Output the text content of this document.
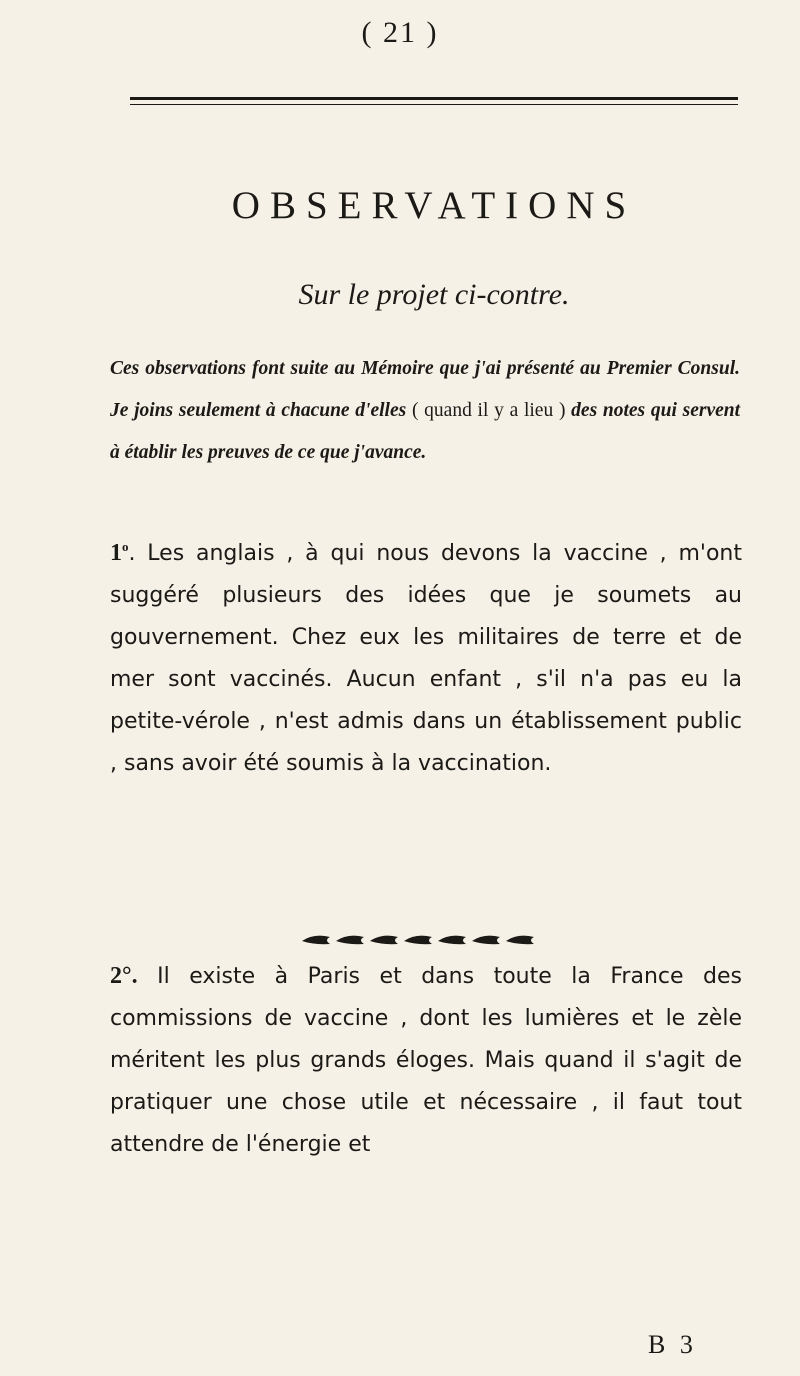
( 21 )
OBSERVATIONS
Sur le projet ci-contre.
Ces observations font suite au Mémoire que j'ai présenté au Premier Consul. Je joins seulement à chacune d'elles ( quand il y a lieu ) des notes qui servent à établir les preuves de ce que j'avance.
1$^o$. Les anglais , à qui nous devons la vaccine , m'ont suggéré plusieurs des idées que je soumets au gouvernement. Chez eux les militaires de terre et de mer sont vaccinés. Aucun enfant , s'il n'a pas eu la petite-vérole , n'est admis dans un établissement public , sans avoir été soumis à la vaccination.
2°. Il existe à Paris et dans toute la France des commissions de vaccine , dont les lumières et le zèle méritent les plus grands éloges. Mais quand il s'agit de pratiquer une chose utile et nécessaire , il faut tout attendre de l'énergie et
B 3
